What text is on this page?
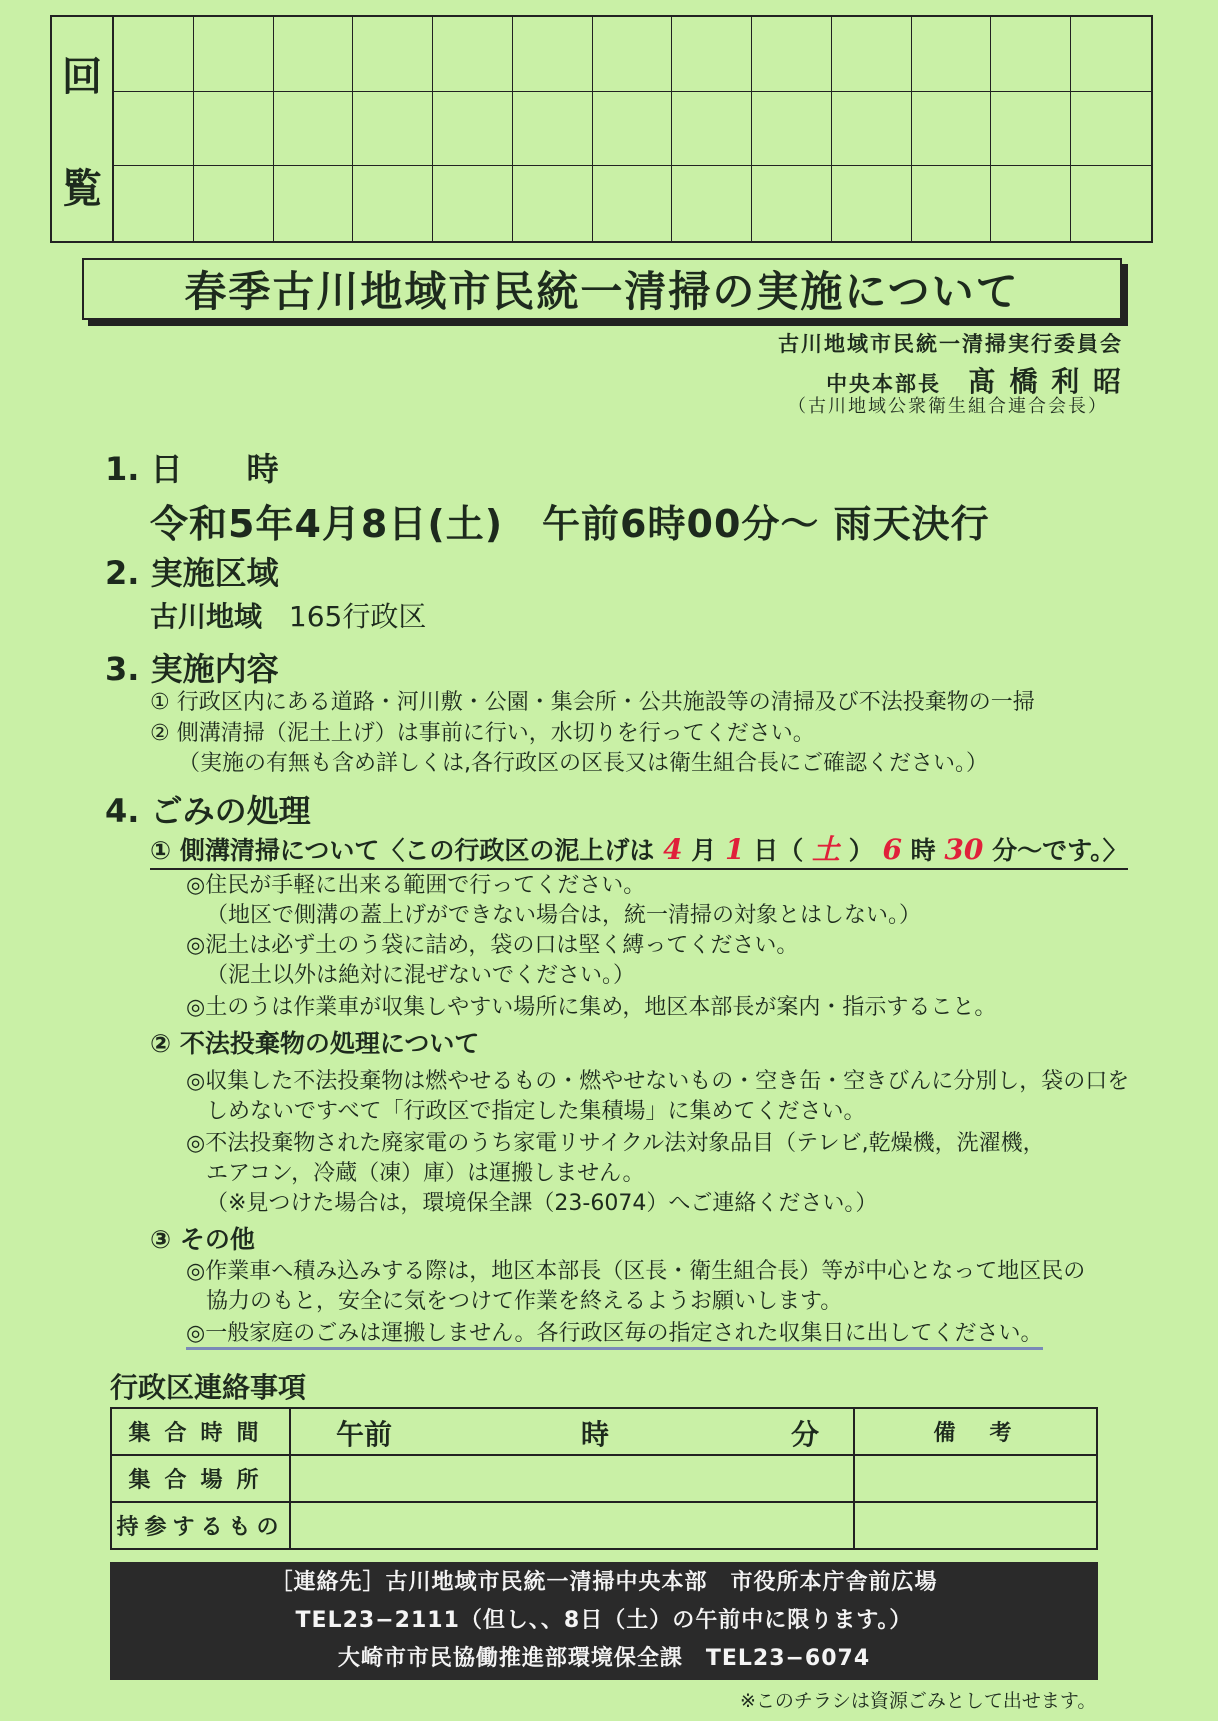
回
覧
春季古川地域市民統一清掃の実施について
古川地域市民統一清掃実行委員会
中央本部長 髙 橋 利 昭
（古川地域公衆衛生組合連合会長）
1. 日　　時
令和5年4月8日(土)　午前6時00分〜 雨天決行
2. 実施区域
古川地域 165行政区
3. 実施内容
① 行政区内にある道路・河川敷・公園・集会所・公共施設等の清掃及び不法投棄物の一掃
② 側溝清掃（泥土上げ）は事前に行い，水切りを行ってください。
（実施の有無も含め詳しくは,各行政区の区長又は衛生組合長にご確認ください。）
4. ごみの処理
① 側溝清掃について〈この行政区の泥上げは 4 月 1 日（ 土 ） 6 時 30 分〜です。〉
◎住民が手軽に出来る範囲で行ってください。
（地区で側溝の蓋上げができない場合は，統一清掃の対象とはしない。）
◎泥土は必ず土のう袋に詰め，袋の口は堅く縛ってください。
（泥土以外は絶対に混ぜないでください。）
◎土のうは作業車が収集しやすい場所に集め，地区本部長が案内・指示すること。
② 不法投棄物の処理について
◎収集した不法投棄物は燃やせるもの・燃やせないもの・空き缶・空きびんに分別し，袋の口を
しめないですべて「行政区で指定した集積場」に集めてください。
◎不法投棄物された廃家電のうち家電リサイクル法対象品目（テレビ,乾燥機，洗濯機，
エアコン，冷蔵（凍）庫）は運搬しません。
（※見つけた場合は，環境保全課（23-6074）へご連絡ください。）
③ その他
◎作業車へ積み込みする際は，地区本部長（区長・衛生組合長）等が中心となって地区民の
協力のもと，安全に気をつけて作業を終えるようお願いします。
◎一般家庭のごみは運搬しません。各行政区毎の指定された収集日に出してください。
行政区連絡事項
集合時間	午前 時 分	備　考
集合場所		
持参するもの		
［連絡先］古川地域市民統一清掃中央本部　市役所本庁舎前広場
TEL23−2111（但し、、8日（土）の午前中に限ります。）
大崎市市民協働推進部環境保全課　TEL23−6074
※このチラシは資源ごみとして出せます。
